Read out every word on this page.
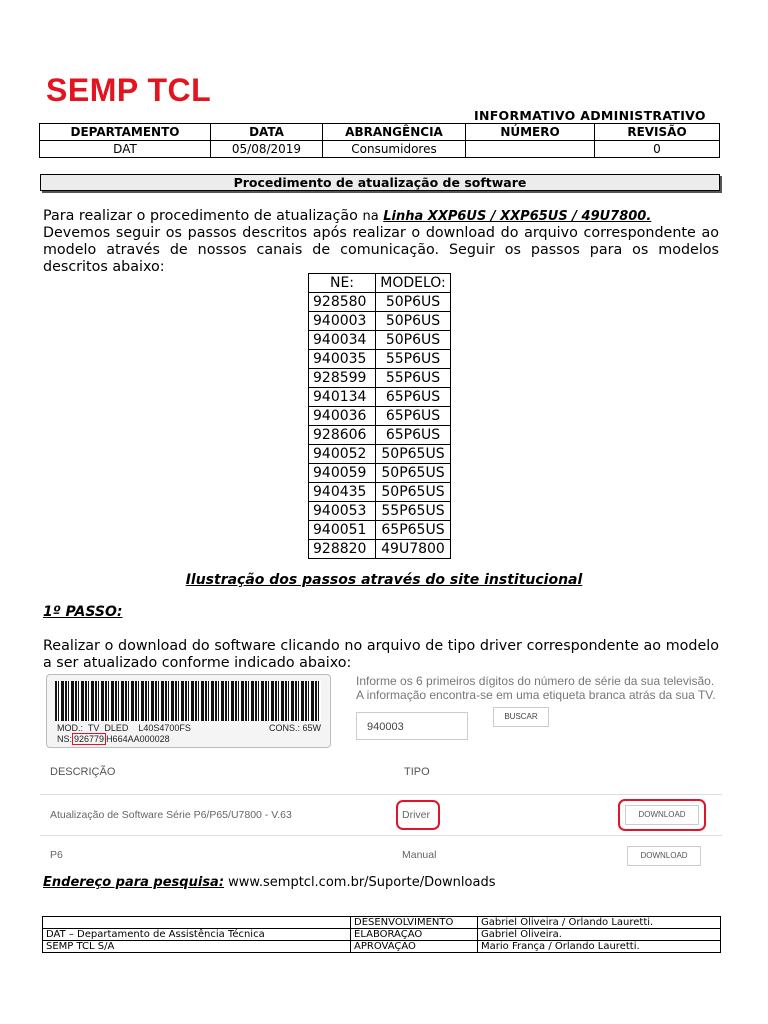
SEMP TCL
INFORMATIVO ADMINISTRATIVO
DEPARTAMENTO	DATA	ABRANGÊNCIA	NÚMERO	REVISÃO
DAT	05/08/2019	Consumidores		0
Procedimento de atualização de software
Para realizar o procedimento de atualização na Linha XXP6US / XXP65US / 49U7800.
Devemos seguir os passos descritos após realizar o download do arquivo correspondente ao modelo através de nossos canais de comunicação. Seguir os passos para os modelos descritos abaixo:
NE:	MODELO:
928580	50P6US
940003	50P6US
940034	50P6US
940035	55P6US
928599	55P6US
940134	65P6US
940036	65P6US
928606	65P6US
940052	50P65US
940059	50P65US
940435	50P65US
940053	55P65US
940051	65P65US
928820	49U7800
Ilustração dos passos através do site institucional
1º PASSO:
Realizar o download do software clicando no arquivo de tipo driver correspondente ao modelo a ser atualizado conforme indicado abaixo:
MOD.:  TV  DLED    L40S4700FS	CONS.: 65W
NS: 926779 H664AA000028
Informe os 6 primeiros dígitos do número de série da sua televisão. A informação encontra-se em uma etiqueta branca atrás da sua TV.
940003
BUSCAR
DESCRIÇÃO	TIPO
Atualização de Software Série P6/P65/U7800 - V.63	Driver	DOWNLOAD
P6	Manual	DOWNLOAD
Endereço para pesquisa: www.semptcl.com.br/Suporte/Downloads
	DESENVOLVIMENTO	Gabriel Oliveira / Orlando Lauretti.
DAT – Departamento de Assistência Técnica	ELABORAÇÃO	Gabriel Oliveira.
SEMP TCL S/A	APROVAÇÃO	Mario França / Orlando Lauretti.
